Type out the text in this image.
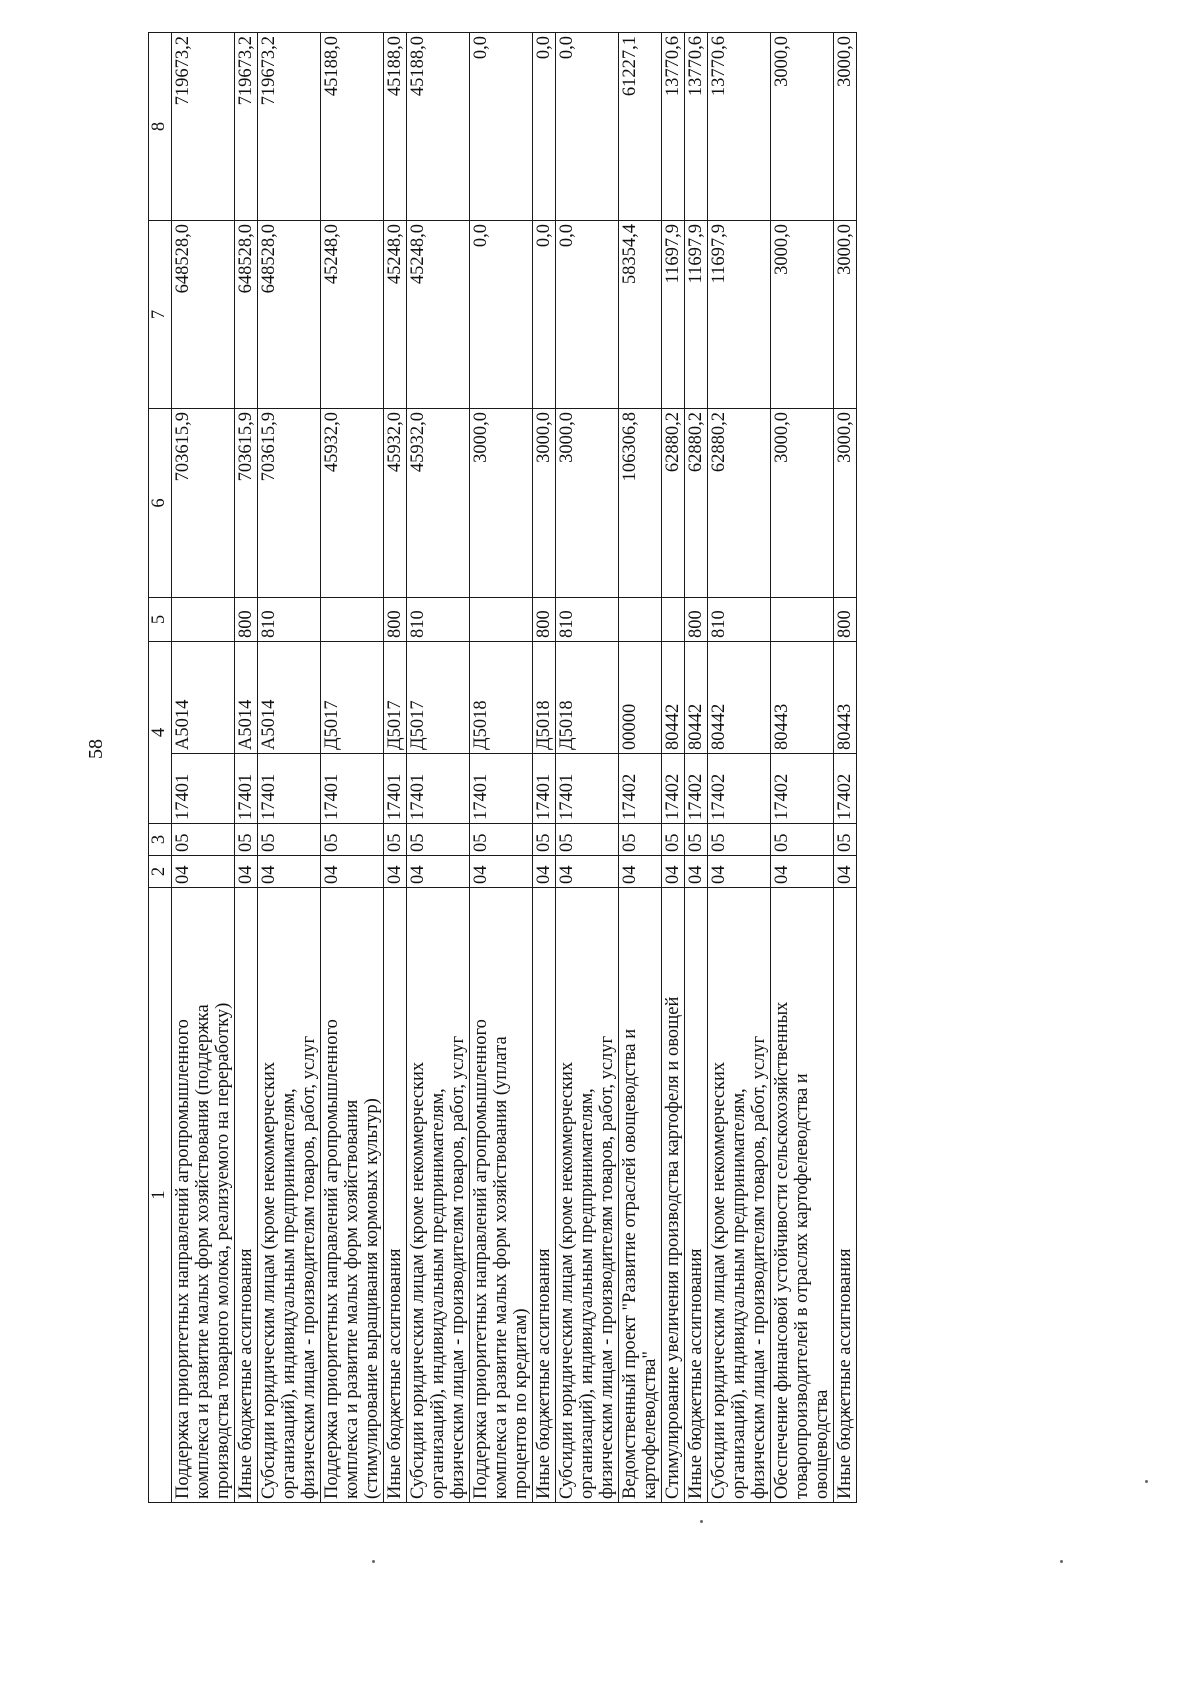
58
1	2	3	4		5	6	7	8
Поддержка приоритетных направлений агропромышленного
комплекса и развитие малых форм хозяйствования (поддержка
производства товарного молока, реализуемого на переработку)	04	05	17401	А5014		703615,9	648528,0	719673,2
Иные бюджетные ассигнования	04	05	17401	А5014	800	703615,9	648528,0	719673,2
Субсидии юридическим лицам (кроме некоммерческих
организаций), индивидуальным предпринимателям,
физическим лицам - производителям товаров, работ, услуг	04	05	17401	А5014	810	703615,9	648528,0	719673,2
Поддержка приоритетных направлений агропромышленного
комплекса и развитие малых форм хозяйствования
(стимулирование выращивания кормовых культур)	04	05	17401	Д5017		45932,0	45248,0	45188,0
Иные бюджетные ассигнования	04	05	17401	Д5017	800	45932,0	45248,0	45188,0
Субсидии юридическим лицам (кроме некоммерческих
организаций), индивидуальным предпринимателям,
физическим лицам - производителям товаров, работ, услуг	04	05	17401	Д5017	810	45932,0	45248,0	45188,0
Поддержка приоритетных направлений агропромышленного
комплекса и развитие малых форм хозяйствования (уплата
процентов по кредитам)	04	05	17401	Д5018		3000,0	0,0	0,0
Иные бюджетные ассигнования	04	05	17401	Д5018	800	3000,0	0,0	0,0
Субсидии юридическим лицам (кроме некоммерческих
организаций), индивидуальным предпринимателям,
физическим лицам - производителям товаров, работ, услуг	04	05	17401	Д5018	810	3000,0	0,0	0,0
Ведомственный проект "Развитие отраслей овощеводства и
картофелеводства"	04	05	17402	00000		106306,8	58354,4	61227,1
Стимулирование увеличения производства картофеля и овощей	04	05	17402	80442		62880,2	11697,9	13770,6
Иные бюджетные ассигнования	04	05	17402	80442	800	62880,2	11697,9	13770,6
Субсидии юридическим лицам (кроме некоммерческих
организаций), индивидуальным предпринимателям,
физическим лицам - производителям товаров, работ, услуг	04	05	17402	80442	810	62880,2	11697,9	13770,6
Обеспечение финансовой устойчивости сельскохозяйственных
товаропроизводителей в отраслях картофелеводства и
овощеводства	04	05	17402	80443		3000,0	3000,0	3000,0
Иные бюджетные ассигнования	04	05	17402	80443	800	3000,0	3000,0	3000,0
